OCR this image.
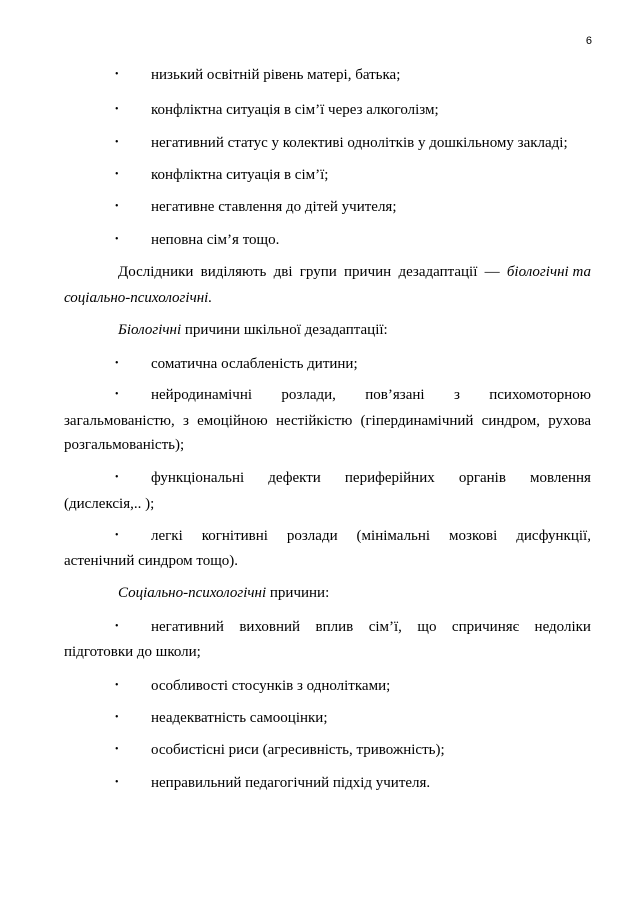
6
• низький освітній рівень матері, батька;
• конфліктна ситуація в сім’ї через алкоголізм;
• негативний статус у колективі однолітків у дошкільному закладі;
• конфліктна ситуація в сім’ї;
• негативне ставлення до дітей учителя;
• неповна сім’я тощо.
Дослідники виділяють дві групи причин дезадаптації — біологічні та
соціально-психологічні.
Біологічні причини шкільної дезадаптації:
• соматична ослабленість дитини;
• нейродинамічні розлади, пов’язані з психомоторною
загальмованістю, з емоційною нестійкістю (гіпердинамічний синдром, рухова
розгальмованість);
• функціональні дефекти периферійних органів мовлення
(дислексія,.. );
• легкі когнітивні розлади (мінімальні мозкові дисфункції,
астенічний синдром тощо).
Соціально-психологічні причини:
• негативний виховний вплив сім’ї, що спричиняє недоліки
підготовки до школи;
• особливості стосунків з однолітками;
• неадекватність самооцінки;
• особистісні риси (агресивність, тривожність);
• неправильний педагогічний підхід учителя.
